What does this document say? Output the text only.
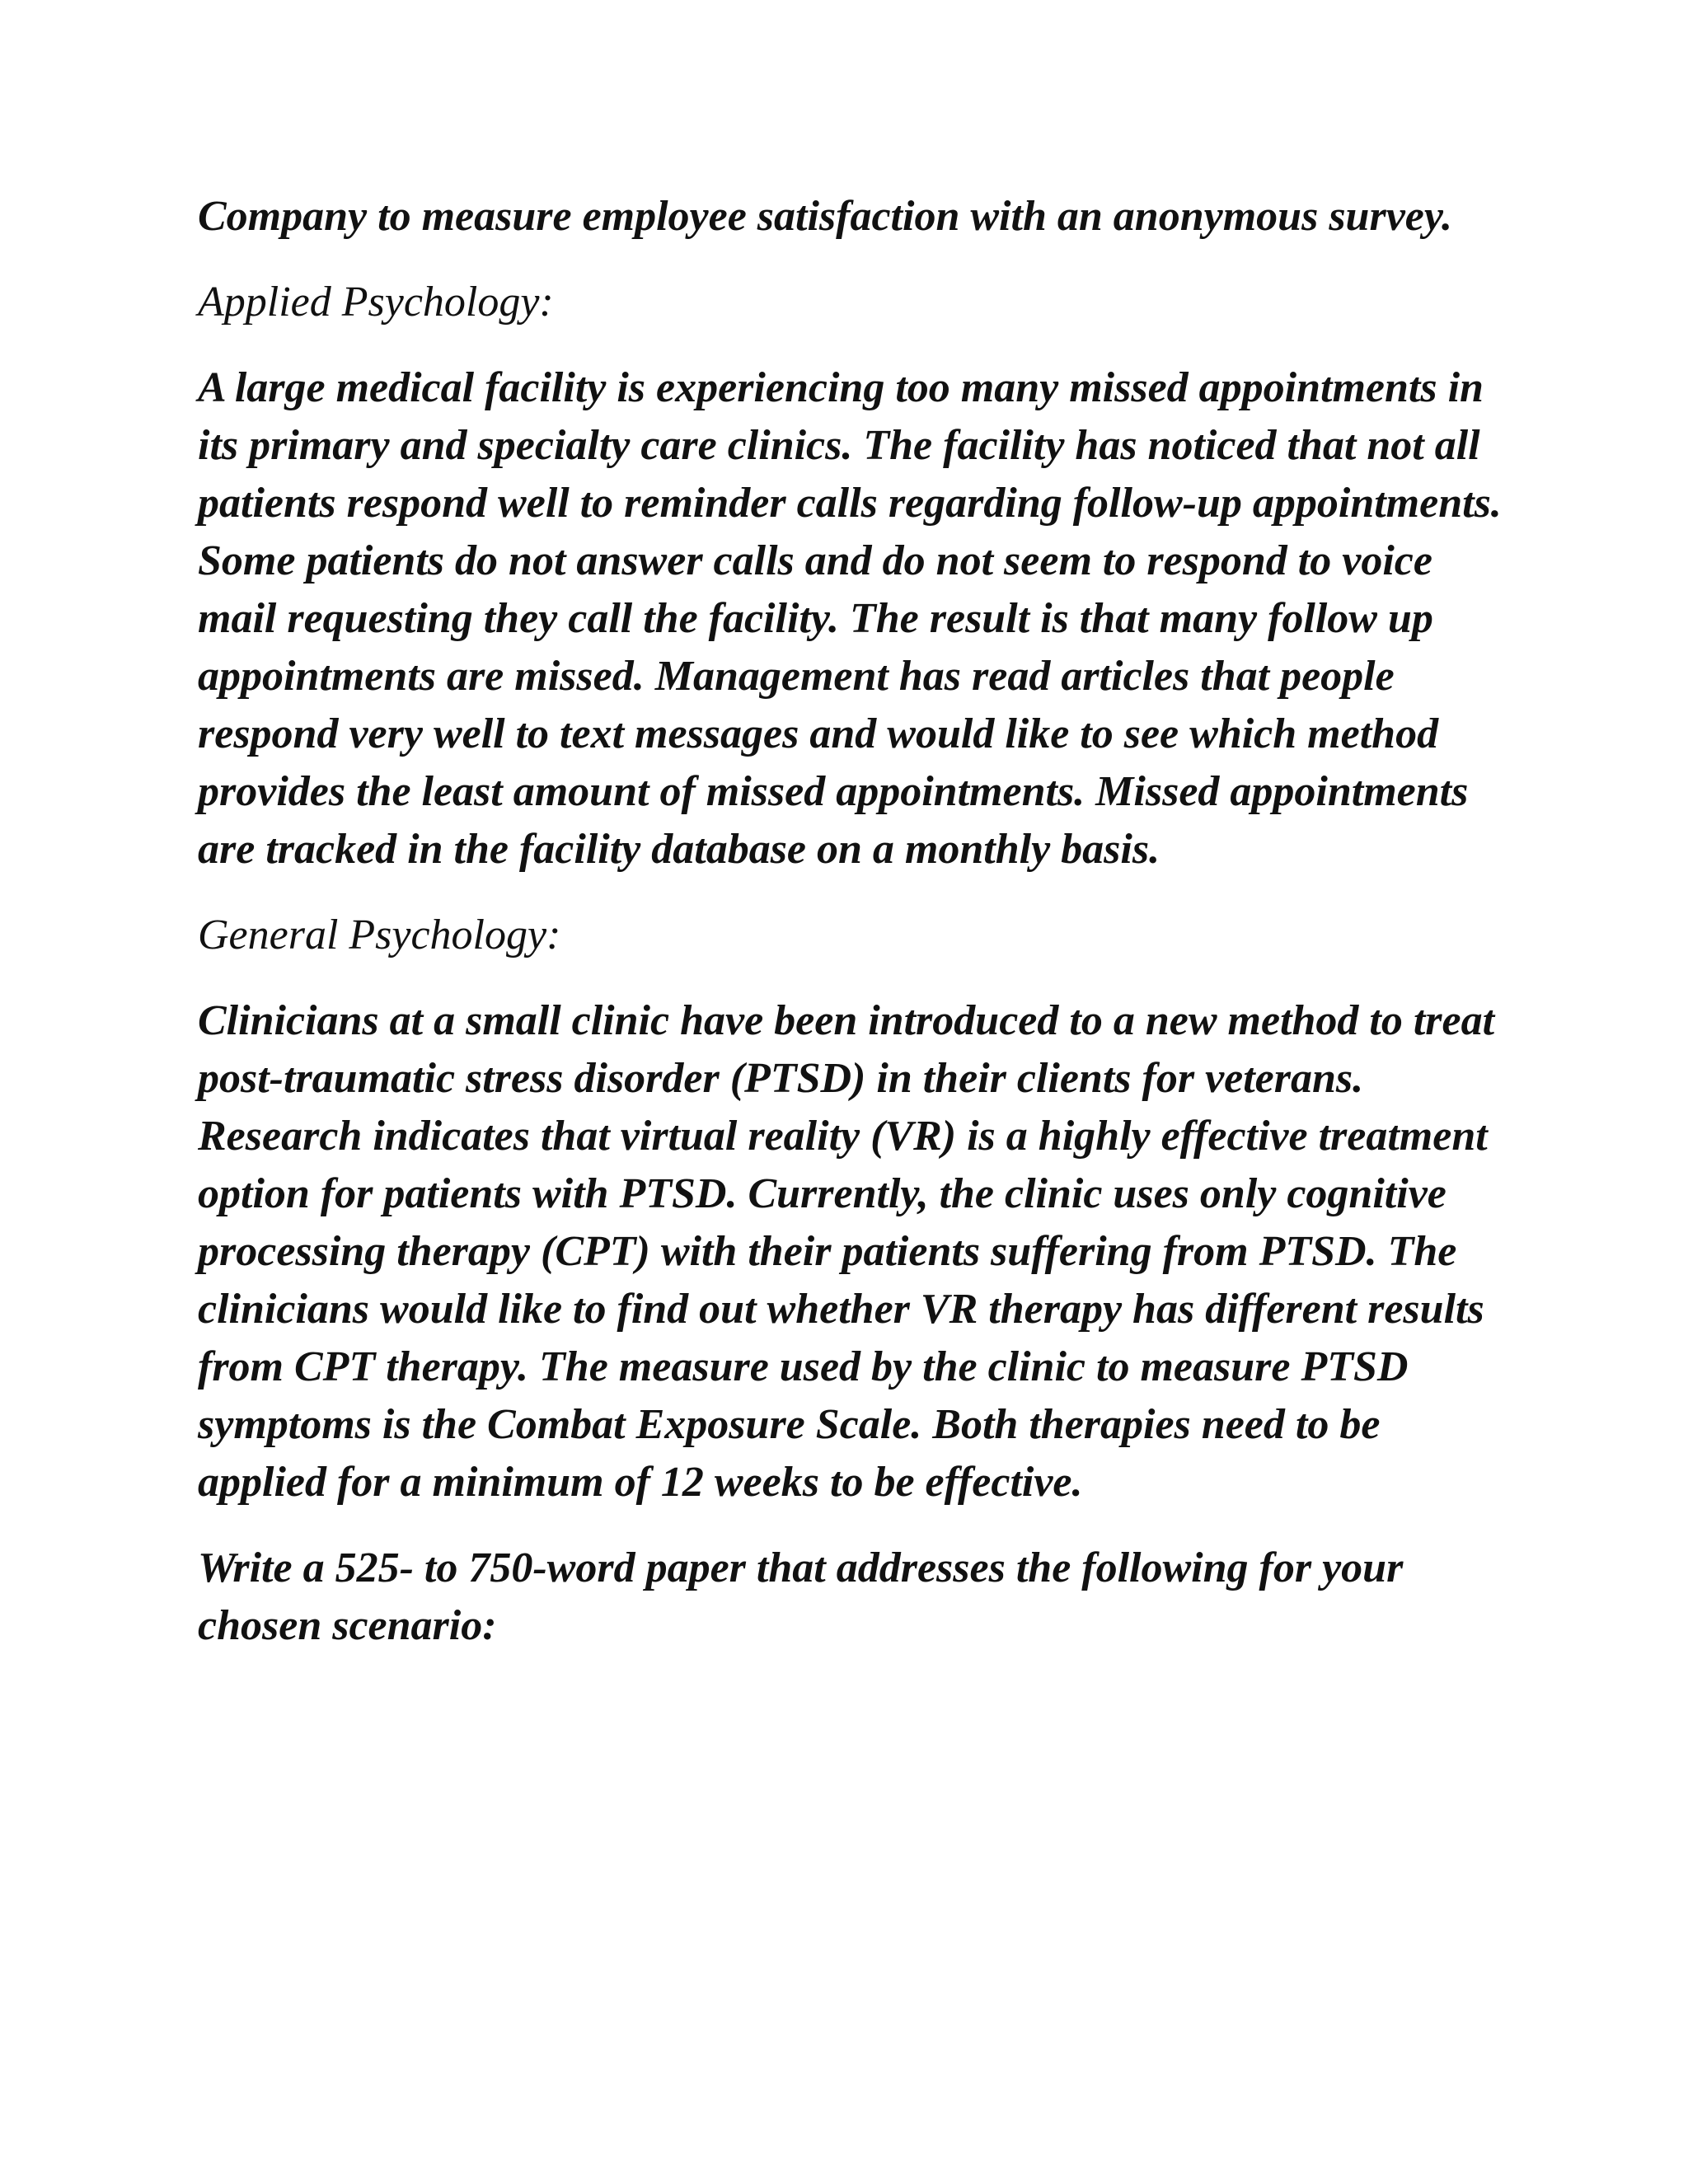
Company to measure employee satisfaction with an anonymous survey.

Applied Psychology:

A large medical facility is experiencing too many missed appointments in its primary and specialty care clinics. The facility has noticed that not all patients respond well to reminder calls regarding follow-up appointments. Some patients do not answer calls and do not seem to respond to voice mail requesting they call the facility. The result is that many follow up appointments are missed. Management has read articles that people respond very well to text messages and would like to see which method provides the least amount of missed appointments. Missed appointments are tracked in the facility database on a monthly basis.

General Psychology:

Clinicians at a small clinic have been introduced to a new method to treat post-traumatic stress disorder (PTSD) in their clients for veterans. Research indicates that virtual reality (VR) is a highly effective treatment option for patients with PTSD. Currently, the clinic uses only cognitive processing therapy (CPT) with their patients suffering from PTSD. The clinicians would like to find out whether VR therapy has different results from CPT therapy. The measure used by the clinic to measure PTSD symptoms is the Combat Exposure Scale. Both therapies need to be applied for a minimum of 12 weeks to be effective.

Write a 525- to 750-word paper that addresses the following for your chosen scenario:
